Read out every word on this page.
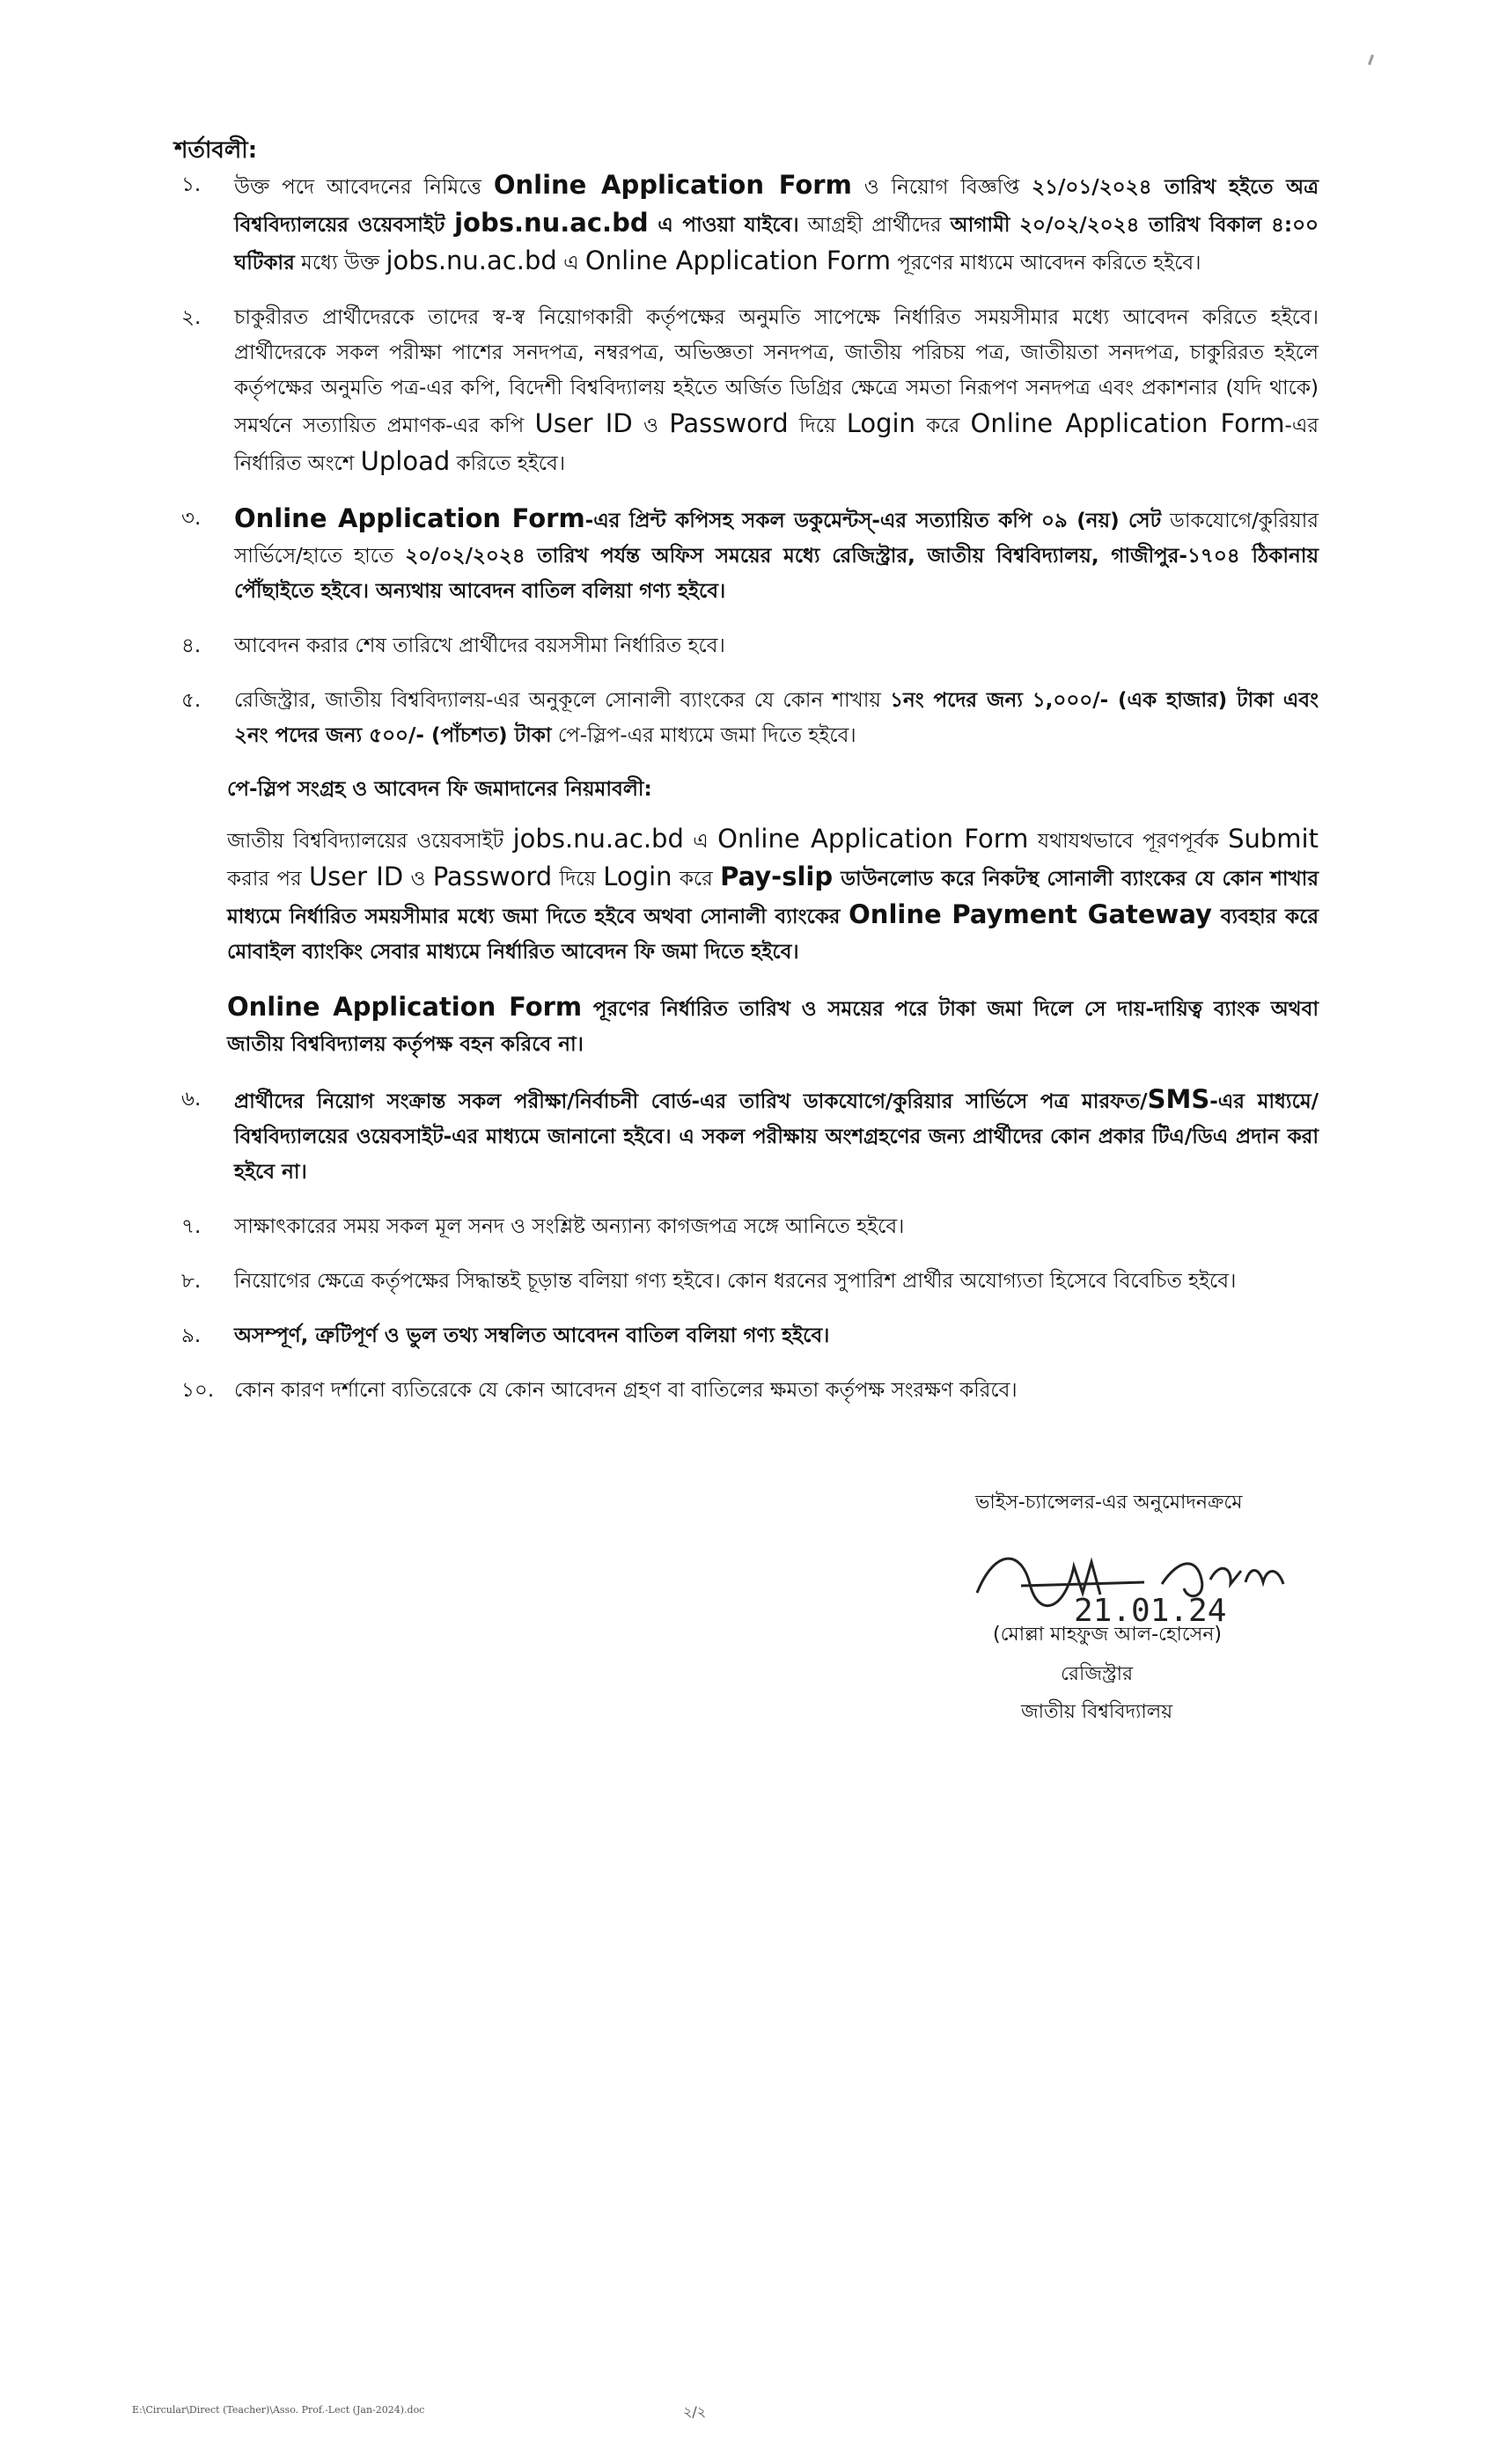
শর্তাবলী:
১.	উক্ত পদে আবেদনের নিমিত্তে Online Application Form ও নিয়োগ বিজ্ঞপ্তি ২১/০১/২০২৪ তারিখ হইতে অত্র বিশ্ববিদ্যালয়ের ওয়েবসাইট jobs.nu.ac.bd এ পাওয়া যাইবে। আগ্রহী প্রার্থীদের আগামী ২০/০২/২০২৪ তারিখ বিকাল ৪:০০ ঘটিকার মধ্যে উক্ত jobs.nu.ac.bd এ Online Application Form পূরণের মাধ্যমে আবেদন করিতে হইবে।
২.	চাকুরীরত প্রার্থীদেরকে তাদের স্ব-স্ব নিয়োগকারী কর্তৃপক্ষের অনুমতি সাপেক্ষে নির্ধারিত সময়সীমার মধ্যে আবেদন করিতে হইবে। প্রার্থীদেরকে সকল পরীক্ষা পাশের সনদপত্র, নম্বরপত্র, অভিজ্ঞতা সনদপত্র, জাতীয় পরিচয় পত্র, জাতীয়তা সনদপত্র, চাকুরিরত হইলে কর্তৃপক্ষের অনুমতি পত্র-এর কপি, বিদেশী বিশ্ববিদ্যালয় হইতে অর্জিত ডিগ্রির ক্ষেত্রে সমতা নিরূপণ সনদপত্র এবং প্রকাশনার (যদি থাকে) সমর্থনে সত্যায়িত প্রমাণক-এর কপি User ID ও Password দিয়ে Login করে Online Application Form-এর নির্ধারিত অংশে Upload করিতে হইবে।
৩.	Online Application Form-এর প্রিন্ট কপিসহ সকল ডকুমেন্টস্-এর সত্যায়িত কপি ০৯ (নয়) সেট ডাকযোগে/কুরিয়ার সার্ভিসে/হাতে হাতে ২০/০২/২০২৪ তারিখ পর্যন্ত অফিস সময়ের মধ্যে রেজিস্ট্রার, জাতীয় বিশ্ববিদ্যালয়, গাজীপুর-১৭০৪ ঠিকানায় পৌঁছাইতে হইবে। অন্যথায় আবেদন বাতিল বলিয়া গণ্য হইবে।
৪.	আবেদন করার শেষ তারিখে প্রার্থীদের বয়সসীমা নির্ধারিত হবে।
৫.	রেজিস্ট্রার, জাতীয় বিশ্ববিদ্যালয়-এর অনুকূলে সোনালী ব্যাংকের যে কোন শাখায় ১নং পদের জন্য ১,০০০/- (এক হাজার) টাকা এবং ২নং পদের জন্য ৫০০/- (পাঁচশত) টাকা পে-স্লিপ-এর মাধ্যমে জমা দিতে হইবে।
পে-স্লিপ সংগ্রহ ও আবেদন ফি জমাদানের নিয়মাবলী:
জাতীয় বিশ্ববিদ্যালয়ের ওয়েবসাইট jobs.nu.ac.bd এ Online Application Form যথাযথভাবে পূরণপূর্বক Submit করার পর User ID ও Password দিয়ে Login করে Pay-slip ডাউনলোড করে নিকটস্থ সোনালী ব্যাংকের যে কোন শাখার মাধ্যমে নির্ধারিত সময়সীমার মধ্যে জমা দিতে হইবে অথবা সোনালী ব্যাংকের Online Payment Gateway ব্যবহার করে মোবাইল ব্যাংকিং সেবার মাধ্যমে নির্ধারিত আবেদন ফি জমা দিতে হইবে।
Online Application Form পূরণের নির্ধারিত তারিখ ও সময়ের পরে টাকা জমা দিলে সে দায়-দায়িত্ব ব্যাংক অথবা জাতীয় বিশ্ববিদ্যালয় কর্তৃপক্ষ বহন করিবে না।
৬.	প্রার্থীদের নিয়োগ সংক্রান্ত সকল পরীক্ষা/নির্বাচনী বোর্ড-এর তারিখ ডাকযোগে/কুরিয়ার সার্ভিসে পত্র মারফত/SMS-এর মাধ্যমে/বিশ্ববিদ্যালয়ের ওয়েবসাইট-এর মাধ্যমে জানানো হইবে। এ সকল পরীক্ষায় অংশগ্রহণের জন্য প্রার্থীদের কোন প্রকার টিএ/ডিএ প্রদান করা হইবে না।
৭.	সাক্ষাৎকারের সময় সকল মূল সনদ ও সংশ্লিষ্ট অন্যান্য কাগজপত্র সঙ্গে আনিতে হইবে।
৮.	নিয়োগের ক্ষেত্রে কর্তৃপক্ষের সিদ্ধান্তই চূড়ান্ত বলিয়া গণ্য হইবে। কোন ধরনের সুপারিশ প্রার্থীর অযোগ্যতা হিসেবে বিবেচিত হইবে।
৯.	অসম্পূর্ণ, ত্রুটিপূর্ণ ও ভুল তথ্য সম্বলিত আবেদন বাতিল বলিয়া গণ্য হইবে।
১০. কোন কারণ দর্শানো ব্যতিরেকে যে কোন আবেদন গ্রহণ বা বাতিলের ক্ষমতা কর্তৃপক্ষ সংরক্ষণ করিবে।
ভাইস-চ্যান্সেলর-এর অনুমোদনক্রমে
21.01.24
(মোল্লা মাহফুজ আল-হোসেন)
রেজিস্ট্রার
জাতীয় বিশ্ববিদ্যালয়
E:\Circular\Direct (Teacher)\Asso. Prof.-Lect (Jan-2024).doc	২/২
